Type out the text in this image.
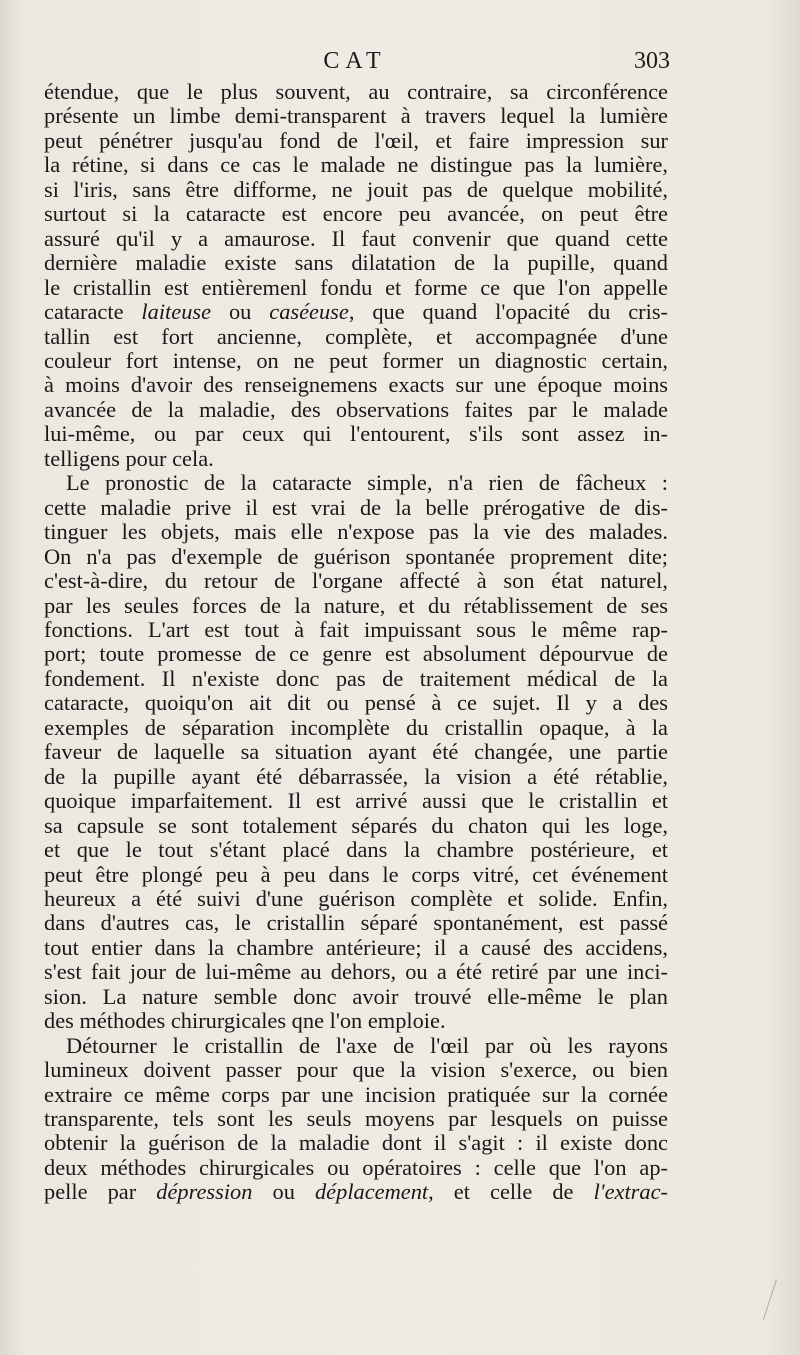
CAT	303
étendue, que le plus souvent, au contraire, sa circonférence
présente un limbe demi-transparent à travers lequel la lumière
peut pénétrer jusqu'au fond de l'œil, et faire impression sur
la rétine, si dans ce cas le malade ne distingue pas la lumière,
si l'iris, sans être difforme, ne jouit pas de quelque mobilité,
surtout si la cataracte est encore peu avancée, on peut être
assuré qu'il y a amaurose. Il faut convenir que quand cette
dernière maladie existe sans dilatation de la pupille, quand
le cristallin est entièremenl fondu et forme ce que l'on appelle
cataracte laiteuse ou caséeuse, que quand l'opacité du cris-
tallin est fort ancienne, complète, et accompagnée d'une
couleur fort intense, on ne peut former un diagnostic certain,
à moins d'avoir des renseignemens exacts sur une époque moins
avancée de la maladie, des observations faites par le malade
lui-même, ou par ceux qui l'entourent, s'ils sont assez in-
telligens pour cela.
Le pronostic de la cataracte simple, n'a rien de fâcheux :
cette maladie prive il est vrai de la belle prérogative de dis-
tinguer les objets, mais elle n'expose pas la vie des malades.
On n'a pas d'exemple de guérison spontanée proprement dite;
c'est-à-dire, du retour de l'organe affecté à son état naturel,
par les seules forces de la nature, et du rétablissement de ses
fonctions. L'art est tout à fait impuissant sous le même rap-
port; toute promesse de ce genre est absolument dépourvue de
fondement. Il n'existe donc pas de traitement médical de la
cataracte, quoiqu'on ait dit ou pensé à ce sujet. Il y a des
exemples de séparation incomplète du cristallin opaque, à la
faveur de laquelle sa situation ayant été changée, une partie
de la pupille ayant été débarrassée, la vision a été rétablie,
quoique imparfaitement. Il est arrivé aussi que le cristallin et
sa capsule se sont totalement séparés du chaton qui les loge,
et que le tout s'étant placé dans la chambre postérieure, et
peut être plongé peu à peu dans le corps vitré, cet événement
heureux a été suivi d'une guérison complète et solide. Enfin,
dans d'autres cas, le cristallin séparé spontanément, est passé
tout entier dans la chambre antérieure; il a causé des accidens,
s'est fait jour de lui-même au dehors, ou a été retiré par une inci-
sion. La nature semble donc avoir trouvé elle-même le plan
des méthodes chirurgicales qne l'on emploie.
Détourner le cristallin de l'axe de l'œil par où les rayons
lumineux doivent passer pour que la vision s'exerce, ou bien
extraire ce même corps par une incision pratiquée sur la cornée
transparente, tels sont les seuls moyens par lesquels on puisse
obtenir la guérison de la maladie dont il s'agit : il existe donc
deux méthodes chirurgicales ou opératoires : celle que l'on ap-
pelle par dépression ou déplacement, et celle de l'extrac-
